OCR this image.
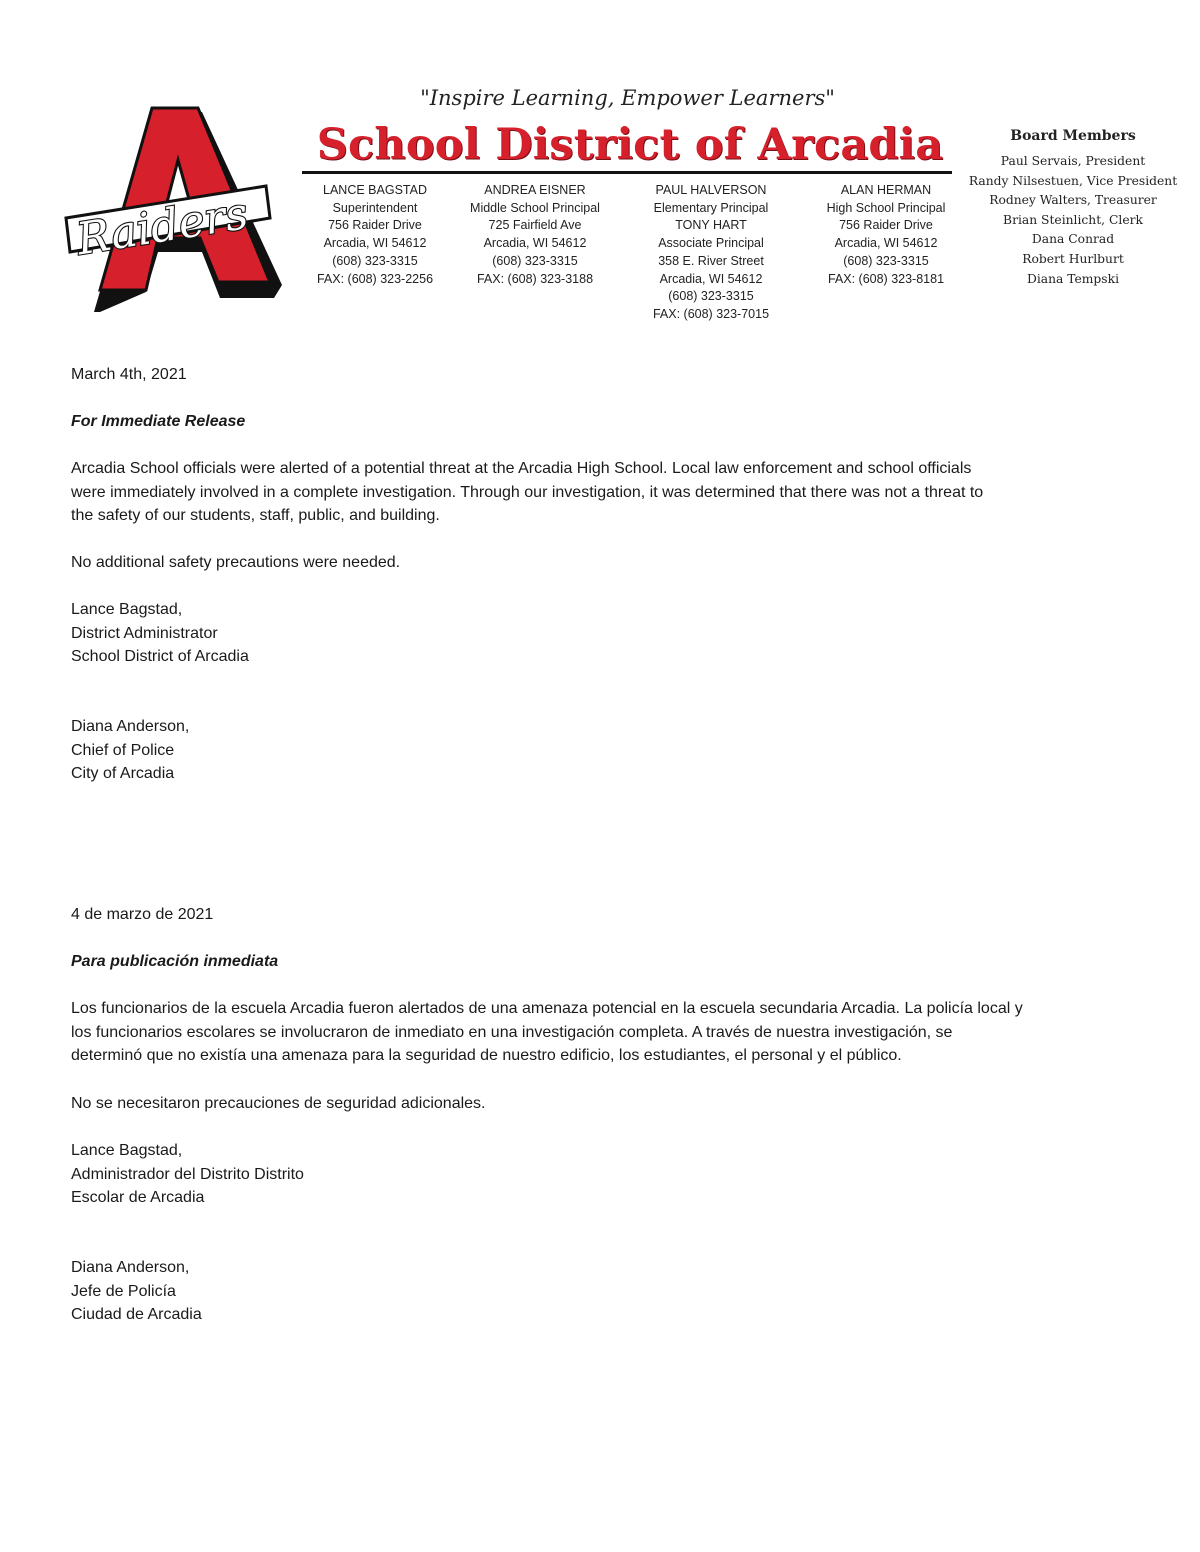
Raiders
"Inspire Learning, Empower Learners"
School District of Arcadia
LANCE BAGSTAD
Superintendent
756 Raider Drive
Arcadia, WI 54612
(608) 323-3315
FAX: (608) 323-2256
ANDREA EISNER
Middle School Principal
725 Fairfield Ave
Arcadia, WI 54612
(608) 323-3315
FAX: (608) 323-3188
PAUL HALVERSON
Elementary Principal
TONY HART
Associate Principal
358 E. River Street
Arcadia, WI 54612
(608) 323-3315
FAX: (608) 323-7015
ALAN HERMAN
High School Principal
756 Raider Drive
Arcadia, WI 54612
(608) 323-3315
FAX: (608) 323-8181
Board Members
Paul Servais, President
Randy Nilsestuen, Vice President
Rodney Walters, Treasurer
Brian Steinlicht, Clerk
Dana Conrad
Robert Hurlburt
Diana Tempski
March 4th, 2021
For Immediate Release
Arcadia School officials were alerted of a potential threat at the Arcadia High School. Local law enforcement and school officials
were immediately involved in a complete investigation. Through our investigation, it was determined that there was not a threat to
the safety of our students, staff, public, and building.
No additional safety precautions were needed.
Lance Bagstad,
District Administrator
School District of Arcadia
Diana Anderson,
Chief of Police
City of Arcadia
4 de marzo de 2021
Para publicación inmediata
Los funcionarios de la escuela Arcadia fueron alertados de una amenaza potencial en la escuela secundaria Arcadia. La policía local y
los funcionarios escolares se involucraron de inmediato en una investigación completa. A través de nuestra investigación, se
determinó que no existía una amenaza para la seguridad de nuestro edificio, los estudiantes, el personal y el público.
No se necesitaron precauciones de seguridad adicionales.
Lance Bagstad,
Administrador del Distrito Distrito
Escolar de Arcadia
Diana Anderson,
Jefe de Policía
Ciudad de Arcadia
